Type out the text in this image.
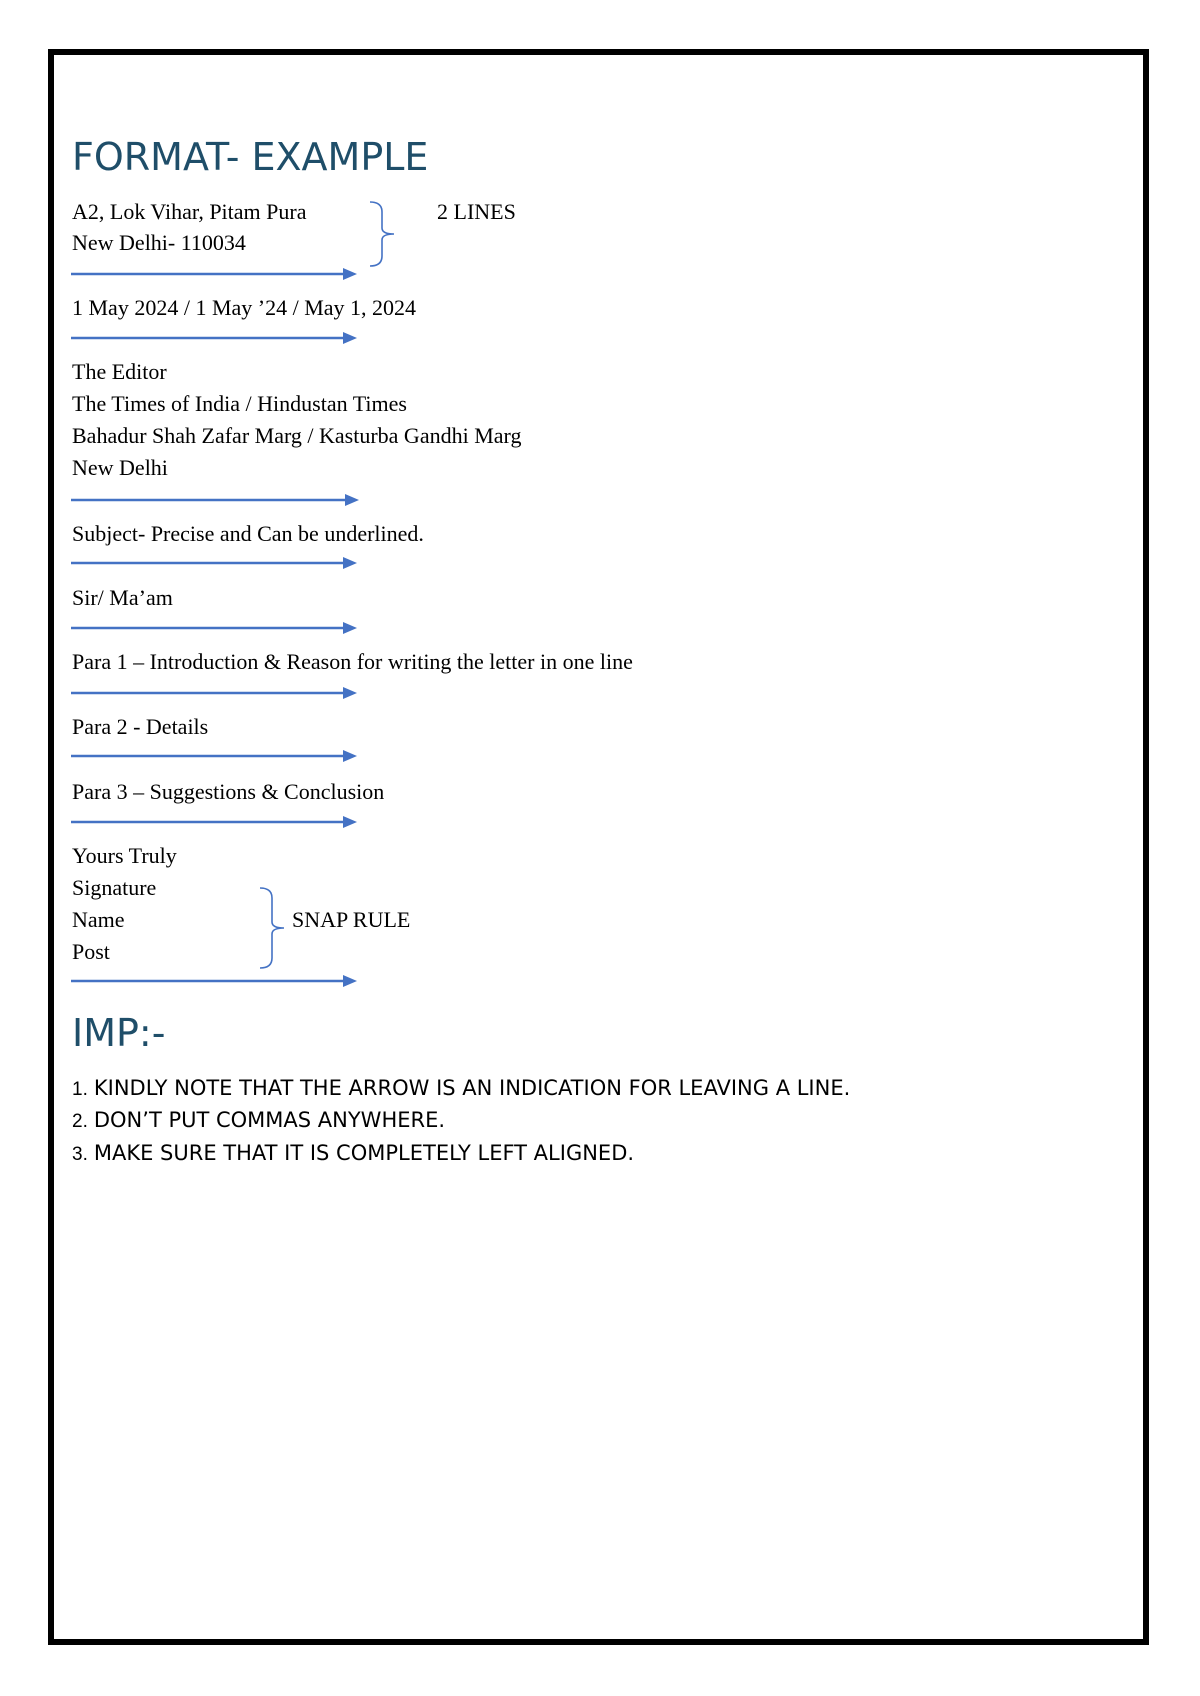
FORMAT- EXAMPLE
A2, Lok Vihar, Pitam Pura
New Delhi- 110034
2 LINES
1 May 2024 / 1 May ’24 / May 1, 2024
The Editor
The Times of India / Hindustan Times
Bahadur Shah Zafar Marg / Kasturba Gandhi Marg
New Delhi
Subject- Precise and Can be underlined.
Sir/ Ma’am
Para 1 – Introduction & Reason for writing the letter in one line
Para 2 - Details
Para 3 – Suggestions & Conclusion
Yours Truly
Signature
Name
Post
SNAP RULE
IMP:-
1. KINDLY NOTE THAT THE ARROW IS AN INDICATION FOR LEAVING A LINE.
2. DON’T PUT COMMAS ANYWHERE.
3. MAKE SURE THAT IT IS COMPLETELY LEFT ALIGNED.
